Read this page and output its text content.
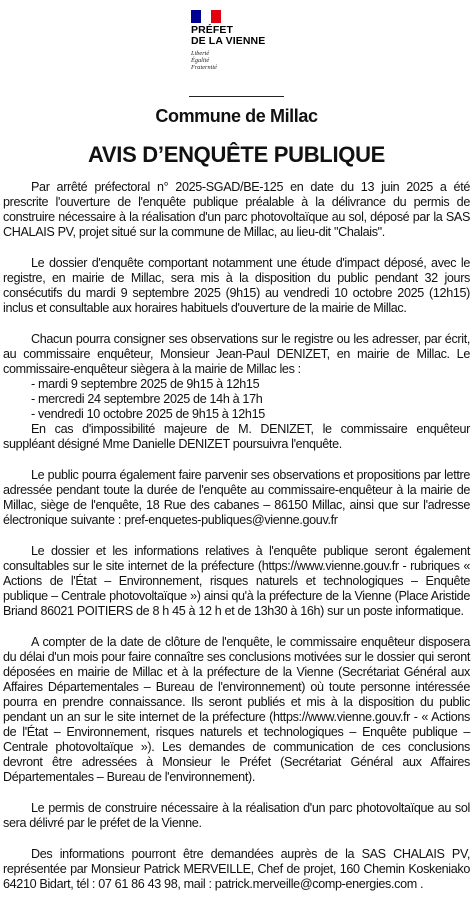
PRÉFET
DE LA VIENNE
Liberté
Égalité
Fraternité
Commune de Millac
AVIS D’ENQUÊTE PUBLIQUE

Par arrêté préfectoral n° 2025-SGAD/BE-125 en date du 13 juin 2025 a été prescrite l'ouverture de l'enquête publique préalable à la délivrance du permis de construire nécessaire à la réalisation d'un parc photovoltaïque au sol, déposé par la SAS CHALAIS PV, projet situé sur la commune de Millac, au lieu-dit "Chalais".

Le dossier d'enquête comportant notamment une étude d'impact déposé, avec le registre, en mairie de Millac, sera mis à la disposition du public pendant 32 jours consécutifs du mardi 9 septembre 2025 (9h15) au vendredi 10 octobre 2025 (12h15) inclus et consultable aux horaires habituels d'ouverture de la mairie de Millac.

Chacun pourra consigner ses observations sur le registre ou les adresser, par écrit, au commissaire enquêteur, Monsieur Jean-Paul DENIZET, en mairie de Millac. Le commissaire-enquêteur siègera à la mairie de Millac les :

- mardi 9 septembre 2025 de 9h15 à 12h15

- mercredi 24 septembre 2025 de 14h à 17h

- vendredi 10 octobre 2025 de 9h15 à 12h15

En cas d'impossibilité majeure de M. DENIZET, le commissaire enquêteur suppléant désigné Mme Danielle DENIZET poursuivra l'enquête.

Le public pourra également faire parvenir ses observations et propositions par lettre adressée pendant toute la durée de l'enquête au commissaire-enquêteur à la mairie de Millac, siège de l'enquête, 18 Rue des cabanes – 86150 Millac, ainsi que sur l'adresse électronique suivante : pref-enquetes-publiques@vienne.gouv.fr

Le dossier et les informations relatives à l'enquête publique seront également consultables sur le site internet de la préfecture (https://www.vienne.gouv.fr - rubriques « Actions de l'État – Environnement, risques naturels et technologiques – Enquête publique – Centrale photovoltaïque ») ainsi qu'à la préfecture de la Vienne (Place Aristide Briand 86021 POITIERS de 8 h 45 à 12 h et de 13h30 à 16h) sur un poste informatique.

A compter de la date de clôture de l'enquête, le commissaire enquêteur disposera du délai d'un mois pour faire connaître ses conclusions motivées sur le dossier qui seront déposées en mairie de Millac et à la préfecture de la Vienne (Secrétariat Général aux Affaires Départementales – Bureau de l'environnement) où toute personne intéressée pourra en prendre connaissance. Ils seront publiés et mis à la disposition du public pendant un an sur le site internet de la préfecture (https://www.vienne.gouv.fr - « Actions de l'État – Environnement, risques naturels et technologiques – Enquête publique – Centrale photovoltaïque »). Les demandes de communication de ces conclusions devront être adressées à Monsieur le Préfet (Secrétariat Général aux Affaires Départementales – Bureau de l'environnement).

Le permis de construire nécessaire à la réalisation d'un parc photovoltaïque au sol sera délivré par le préfet de la Vienne.

Des informations pourront être demandées auprès de la SAS CHALAIS PV, représentée par Monsieur Patrick MERVEILLE, Chef de projet, 160 Chemin Koskeniako 64210 Bidart, tél : 07 61 86 43 98, mail : patrick.merveille@comp-energies.com .
